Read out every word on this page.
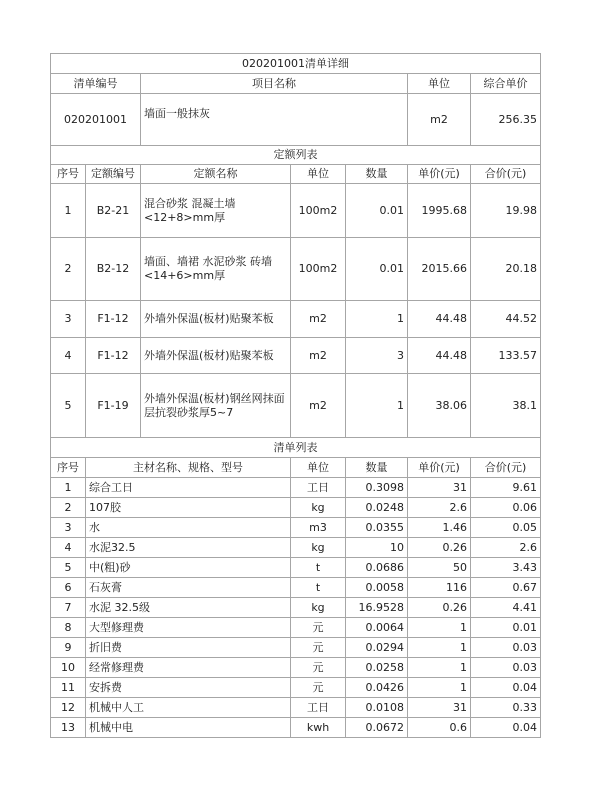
020201001清单详细						
清单编号		项目名称			单位	综合单价
020201001		墙面一般抹灰			m2	256.35
定额列表						
序号	定额编号	定额名称	单位	数量	单价(元)	合价(元)
1	B2-21	混合砂浆 混凝土墙 <12+8>mm厚	100m2	0.01	1995.68	19.98
2	B2-12	墙面、墙裙 水泥砂浆 砖墙 <14+6>mm厚	100m2	0.01	2015.66	20.18
3	F1-12	外墙外保温(板材)贴聚苯板	m2	1	44.48	44.52
4	F1-12	外墙外保温(板材)贴聚苯板	m2	3	44.48	133.57
5	F1-19	外墙外保温(板材)钢丝网抹面层抗裂砂浆厚5~7	m2	1	38.06	38.1
清单列表						
序号	主材名称、规格、型号		单位	数量	单价(元)	合价(元)
1	综合工日		工日	0.3098	31	9.61
2	107胶		kg	0.0248	2.6	0.06
3	水		m3	0.0355	1.46	0.05
4	水泥32.5		kg	10	0.26	2.6
5	中(粗)砂		t	0.0686	50	3.43
6	石灰膏		t	0.0058	116	0.67
7	水泥 32.5级		kg	16.9528	0.26	4.41
8	大型修理费		元	0.0064	1	0.01
9	折旧费		元	0.0294	1	0.03
10	经常修理费		元	0.0258	1	0.03
11	安拆费		元	0.0426	1	0.04
12	机械中人工		工日	0.0108	31	0.33
13	机械中电		kwh	0.0672	0.6	0.04
